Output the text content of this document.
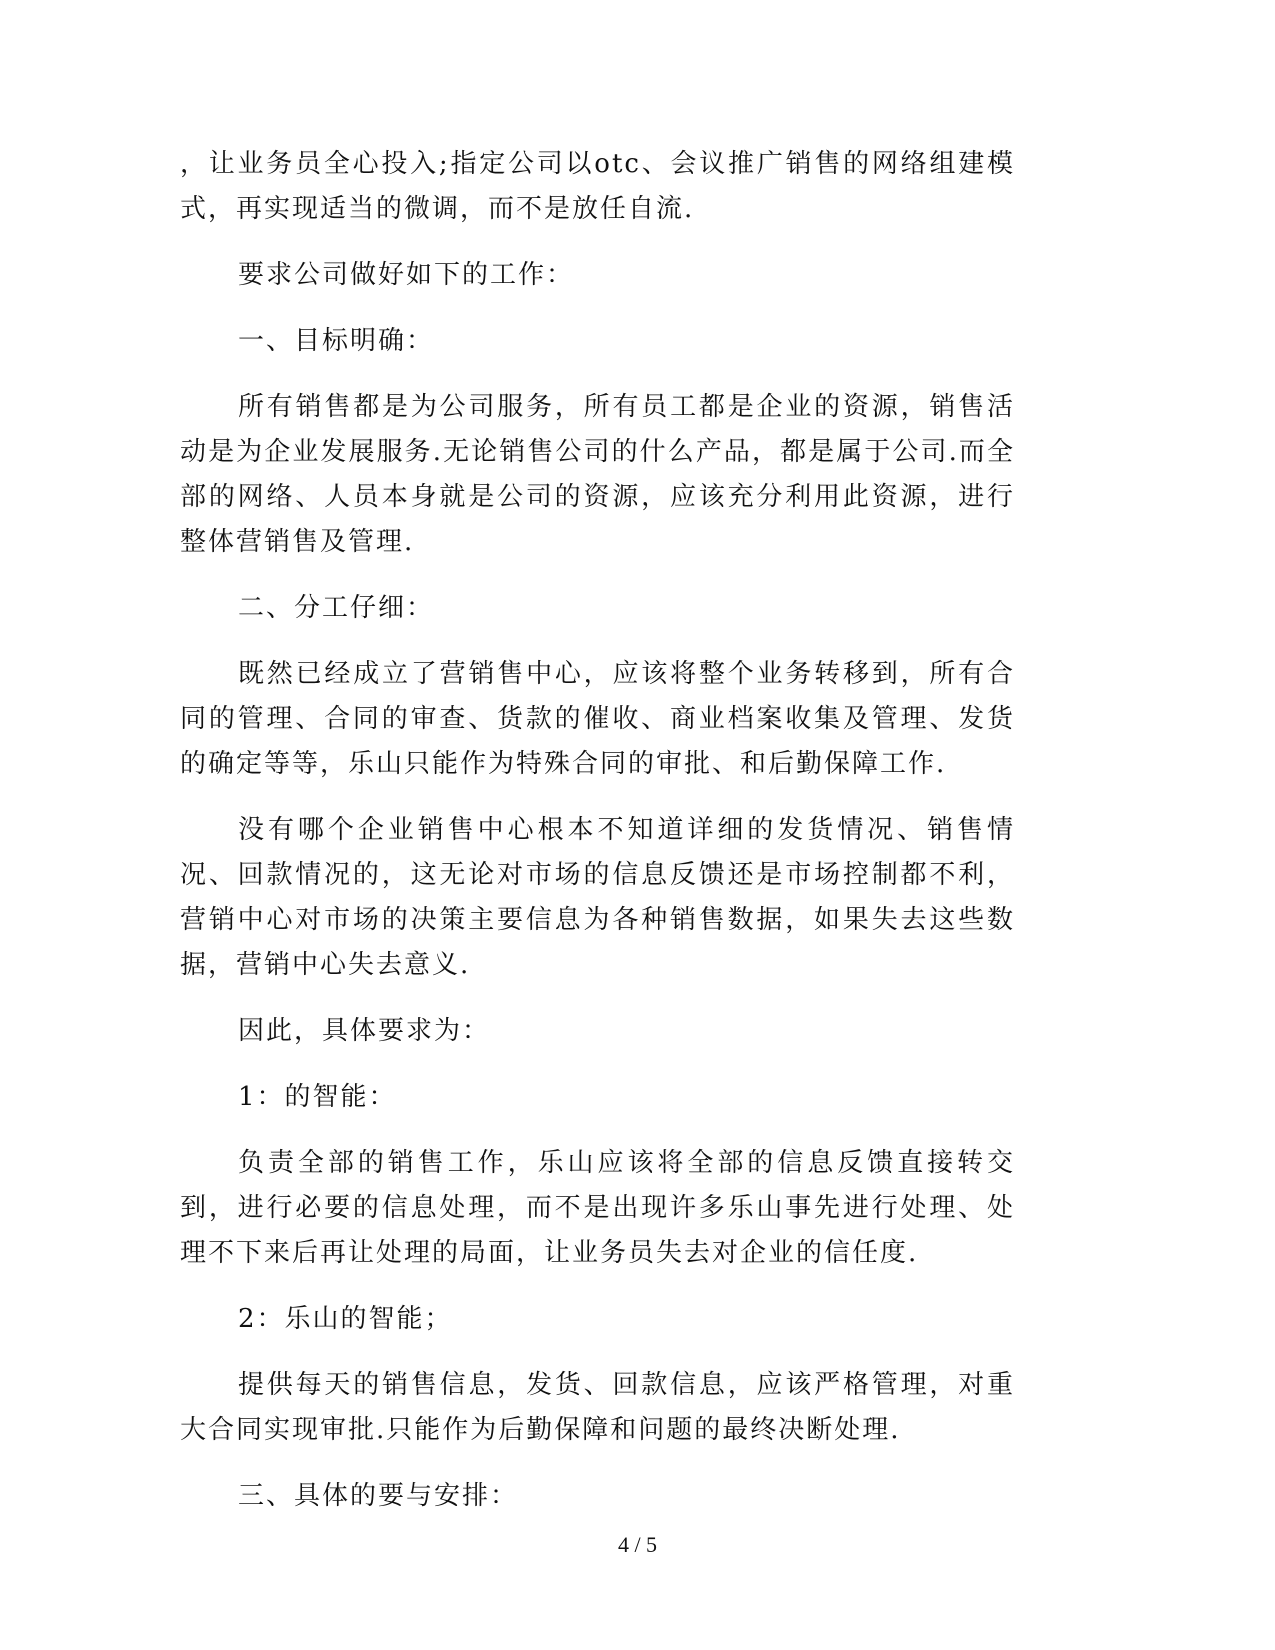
，让业务员全心投入;指定公司以otc、会议推广销售的网络组建模式，再实现适当的微调，而不是放任自流.

要求公司做好如下的工作：

一、目标明确：

所有销售都是为公司服务，所有员工都是企业的资源，销售活动是为企业发展服务.无论销售公司的什么产品，都是属于公司.而全部的网络、人员本身就是公司的资源，应该充分利用此资源，进行整体营销售及管理.

二、分工仔细：

既然已经成立了营销售中心，应该将整个业务转移到，所有合同的管理、合同的审查、货款的催收、商业档案收集及管理、发货的确定等等，乐山只能作为特殊合同的审批、和后勤保障工作.

没有哪个企业销售中心根本不知道详细的发货情况、销售情况、回款情况的，这无论对市场的信息反馈还是市场控制都不利，营销中心对市场的决策主要信息为各种销售数据，如果失去这些数据，营销中心失去意义.

因此，具体要求为：

1：的智能：

负责全部的销售工作，乐山应该将全部的信息反馈直接转交到，进行必要的信息处理，而不是出现许多乐山事先进行处理、处理不下来后再让处理的局面，让业务员失去对企业的信任度.

2：乐山的智能；

提供每天的销售信息，发货、回款信息，应该严格管理，对重大合同实现审批.只能作为后勤保障和问题的最终决断处理.

三、具体的要与安排：

4 / 5
